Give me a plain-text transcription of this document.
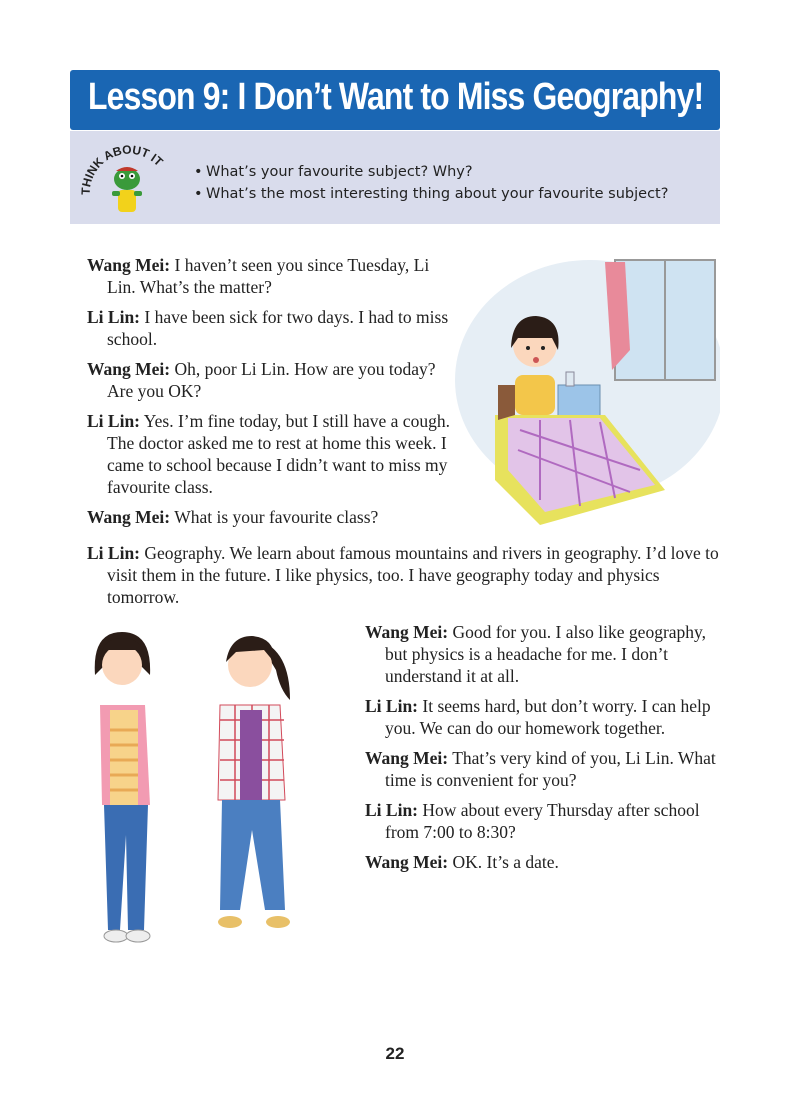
Lesson 9: I Don’t Want to Miss Geography!
THINK ABOUT IT
• What’s your favourite subject? Why?
• What’s the most interesting thing about your favourite subject?

Wang Mei: I haven’t seen you since Tuesday, Li Lin. What’s the matter?

Li Lin: I have been sick for two days. I had to miss school.

Wang Mei: Oh, poor Li Lin. How are you today? Are you OK?

Li Lin: Yes. I’m fine today, but I still have a cough. The doctor asked me to rest at home this week. I came to school because I didn’t want to miss my favourite class.

Wang Mei: What is your favourite class?

Li Lin: Geography. We learn about famous mountains and rivers in geography. I’d love to visit them in the future. I like physics, too. I have geography today and physics tomorrow.

Wang Mei: Good for you. I also like geography, but physics is a headache for me. I don’t understand it at all.

Li Lin: It seems hard, but don’t worry. I can help you. We can do our homework together.

Wang Mei: That’s very kind of you, Li Lin. What time is convenient for you?

Li Lin: How about every Thursday after school from 7:00 to 8:30?

Wang Mei: OK. It’s a date.

22
